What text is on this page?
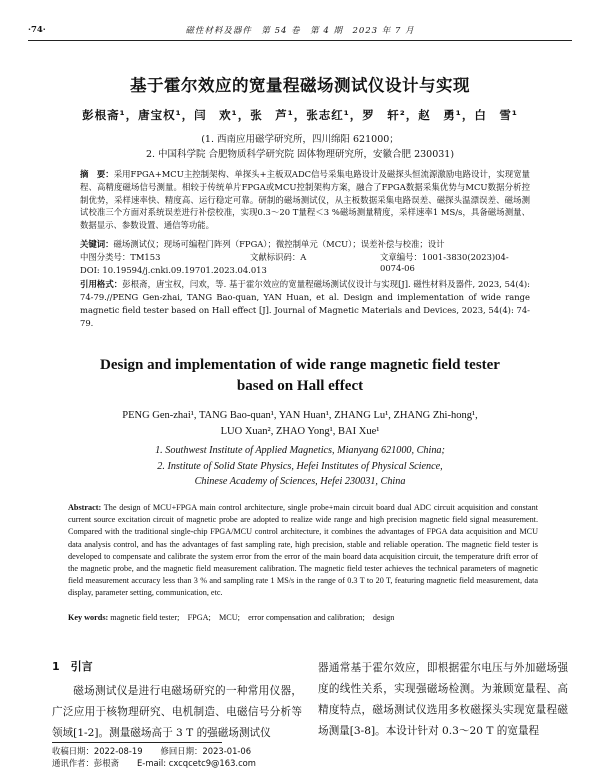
·74·	磁性材料及器件　第 54 卷　第 4 期　2023 年 7 月
基于霍尔效应的宽量程磁场测试仪设计与实现
彭根斋¹，唐宝权¹，闫　欢¹，张　芦¹，张志红¹，罗　轩²，赵　勇¹，白　雪¹
(1. 西南应用磁学研究所，四川绵阳 621000；
2. 中国科学院 合肥物质科学研究院 固体物理研究所，安徽合肥 230031)
摘　要：采用FPGA+MCU主控制架构、单探头+主板双ADC信号采集电路设计及磁探头恒流源激励电路设计，实现宽量程、高精度磁场信号测量。相较于传统单片FPGA或MCU控制架构方案，融合了FPGA数据采集优势与MCU数据分析控制优势，采样速率快、精度高、运行稳定可靠。研制的磁场测试仪，从主板数据采集电路误差、磁探头温漂误差、磁场测试校准三个方面对系统误差进行补偿校准，实现0.3～20 T量程＜3 %磁场测量精度，采样速率1 MS/s，具备磁场测量、数据显示、参数设置、通信等功能。
关键词：磁场测试仪；现场可编程门阵列（FPGA）；微控制单元（MCU）；误差补偿与校准；设计
中图分类号：TM153	文献标识码：A	文章编号：1001-3830(2023)04-0074-06
DOI: 10.19594/j.cnki.09.19701.2023.04.013
引用格式：彭根斋，唐宝权，闫欢，等. 基于霍尔效应的宽量程磁场测试仪设计与实现[J]. 磁性材料及器件, 2023, 54(4): 74-79.//PENG Gen-zhai, TANG Bao-quan, YAN Huan, et al. Design and implementation of wide range magnetic field tester based on Hall effect [J]. Journal of Magnetic Materials and Devices, 2023, 54(4): 74-79.
Design and implementation of wide range magnetic field tester
based on Hall effect
PENG Gen-zhai¹, TANG Bao-quan¹, YAN Huan¹, ZHANG Lu¹, ZHANG Zhi-hong¹,
LUO Xuan², ZHAO Yong¹, BAI Xue¹
1. Southwest Institute of Applied Magnetics, Mianyang 621000, China;
2. Institute of Solid State Physics, Hefei Institutes of Physical Science,
Chinese Academy of Sciences, Hefei 230031, China
Abstract: The design of MCU+FPGA main control architecture, single probe+main circuit board dual ADC circuit acquisition and constant current source excitation circuit of magnetic probe are adopted to realize wide range and high precision magnetic field signal measurement. Compared with the traditional single-chip FPGA/MCU control architecture, it combines the advantages of FPGA data acquisition and MCU data analysis control, and has the advantages of fast sampling rate, high precision, stable and reliable operation. The magnetic field tester is developed to compensate and calibrate the system error from the error of the main board data acquisition circuit, the temperature drift error of the magnetic probe, and the magnetic field measurement calibration. The magnetic field tester achieves the technical parameters of magnetic field measurement accuracy less than 3 % and sampling rate 1 MS/s in the range of 0.3 T to 20 T, featuring magnetic field measurement, data display, parameter setting, communication, etc.
Key words: magnetic field tester;　FPGA;　MCU;　error compensation and calibration;　design
1　引言
磁场测试仪是进行电磁场研究的一种常用仪器，广泛应用于核物理研究、电机制造、电磁信号分析等领域[1-2]。测量磁场高于 3 T 的强磁场测试仪
器通常基于霍尔效应，即根据霍尔电压与外加磁场强度的线性关系，实现强磁场检测。为兼顾宽量程、高精度特点，磁场测试仪选用多枚磁探头实现宽量程磁场测量[3-8]。本设计针对 0.3～20 T 的宽量程
收稿日期：2022-08-19 修回日期：2023-01-06
通讯作者：彭根斋 E-mail: cxcqcetc9@163.com
